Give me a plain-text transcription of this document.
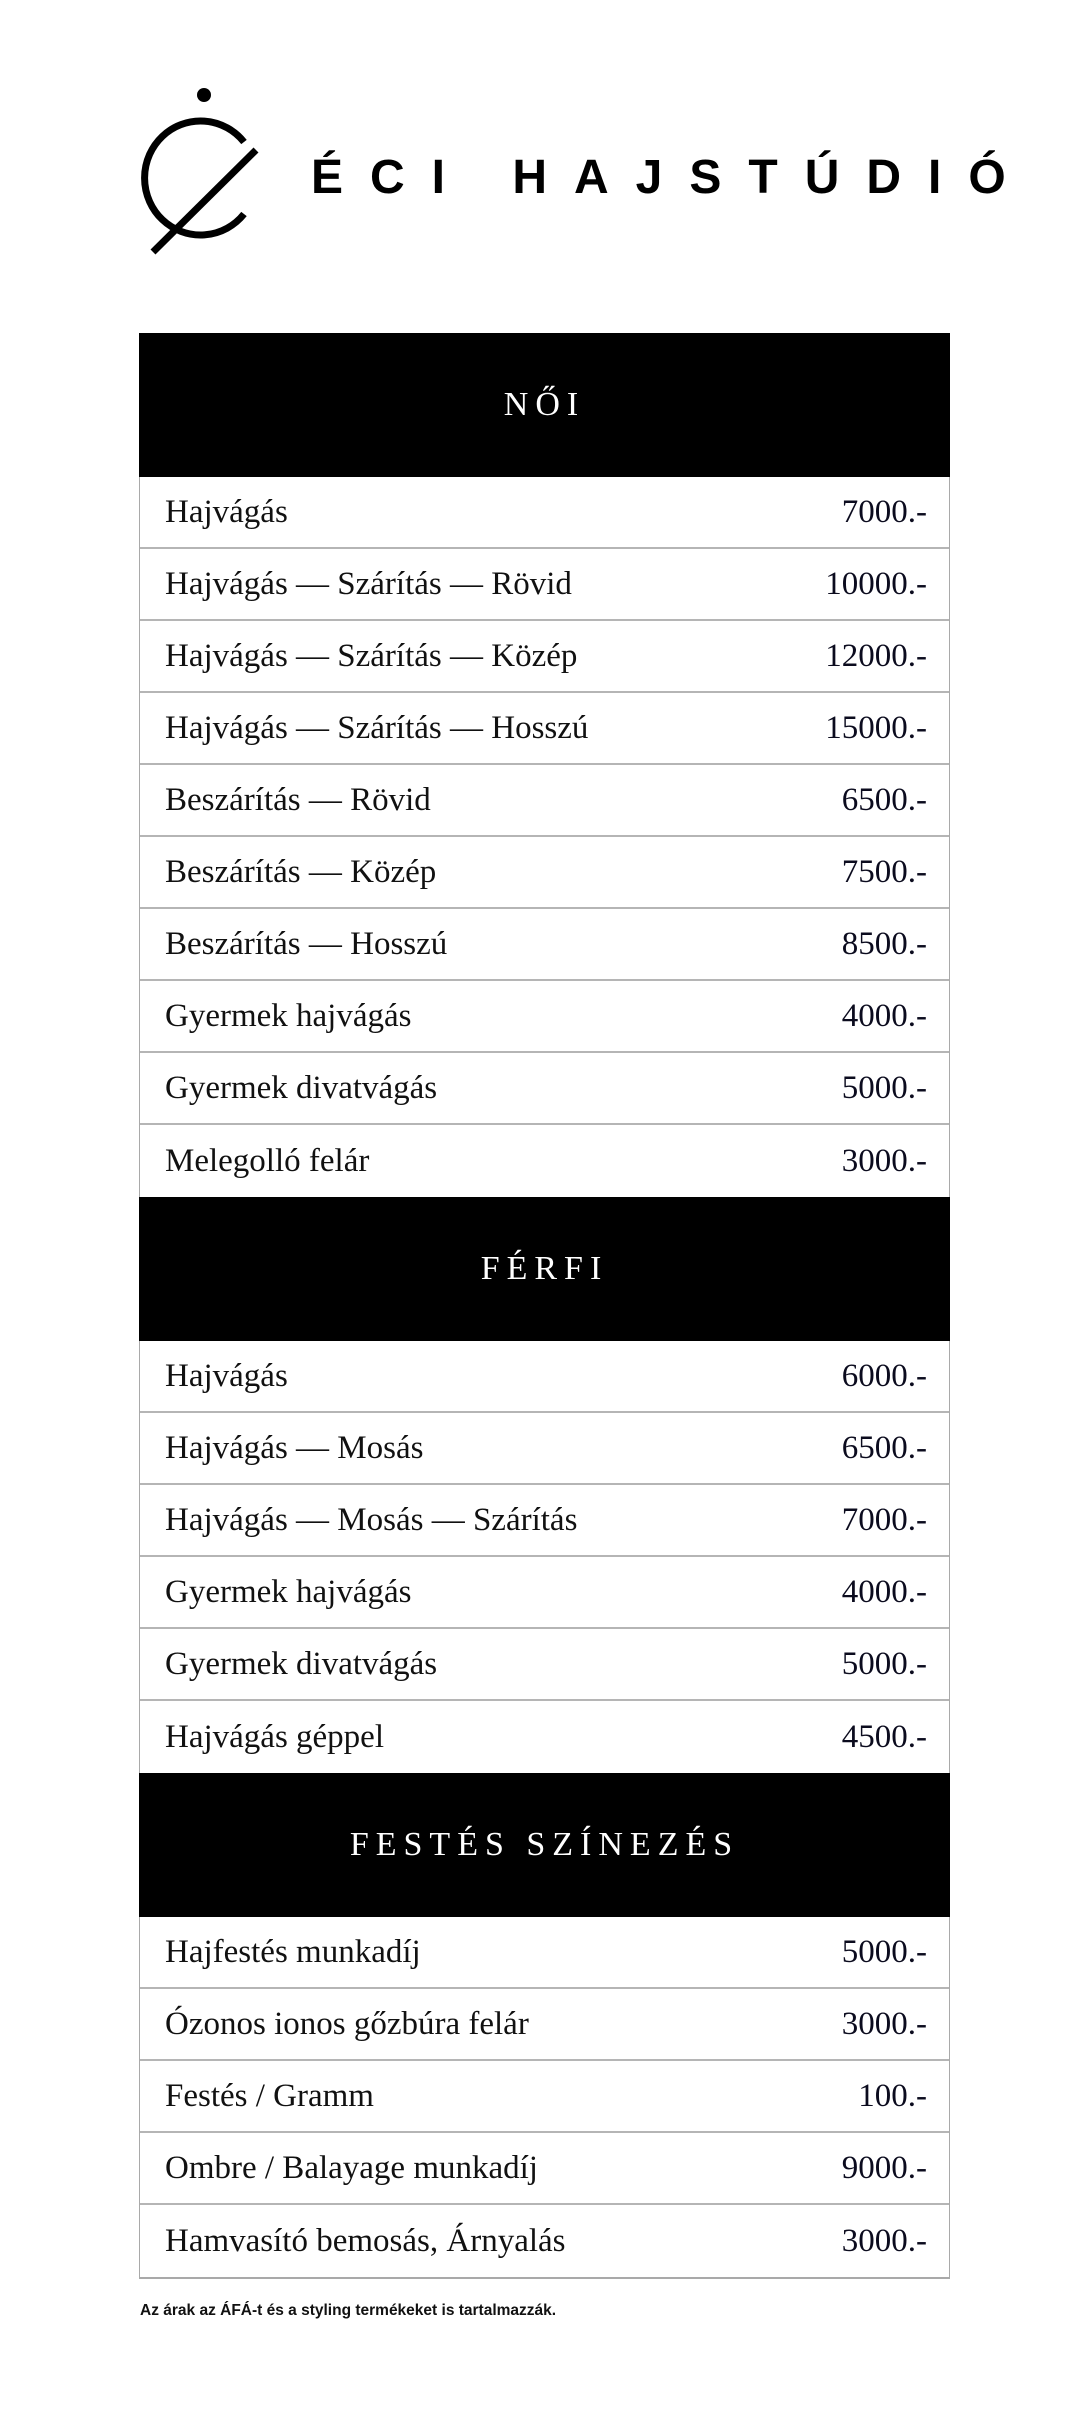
ÉCI HAJSTÚDIÓ
NŐI
Hajvágás	7000.-
Hajvágás — Szárítás — Rövid	10000.-
Hajvágás — Szárítás — Közép	12000.-
Hajvágás — Szárítás — Hosszú	15000.-
Beszárítás — Rövid	6500.-
Beszárítás — Közép	7500.-
Beszárítás — Hosszú	8500.-
Gyermek hajvágás	4000.-
Gyermek divatvágás	5000.-
Melegolló felár	3000.-
FÉRFI
Hajvágás	6000.-
Hajvágás — Mosás	6500.-
Hajvágás — Mosás — Szárítás	7000.-
Gyermek hajvágás	4000.-
Gyermek divatvágás	5000.-
Hajvágás géppel	4500.-
FESTÉS SZÍNEZÉS
Hajfestés munkadíj	5000.-
Ózonos ionos gőzbúra felár	3000.-
Festés / Gramm	100.-
Ombre / Balayage munkadíj	9000.-
Hamvasító bemosás, Árnyalás	3000.-
Az árak az ÁFÁ-t és a styling termékeket is tartalmazzák.
